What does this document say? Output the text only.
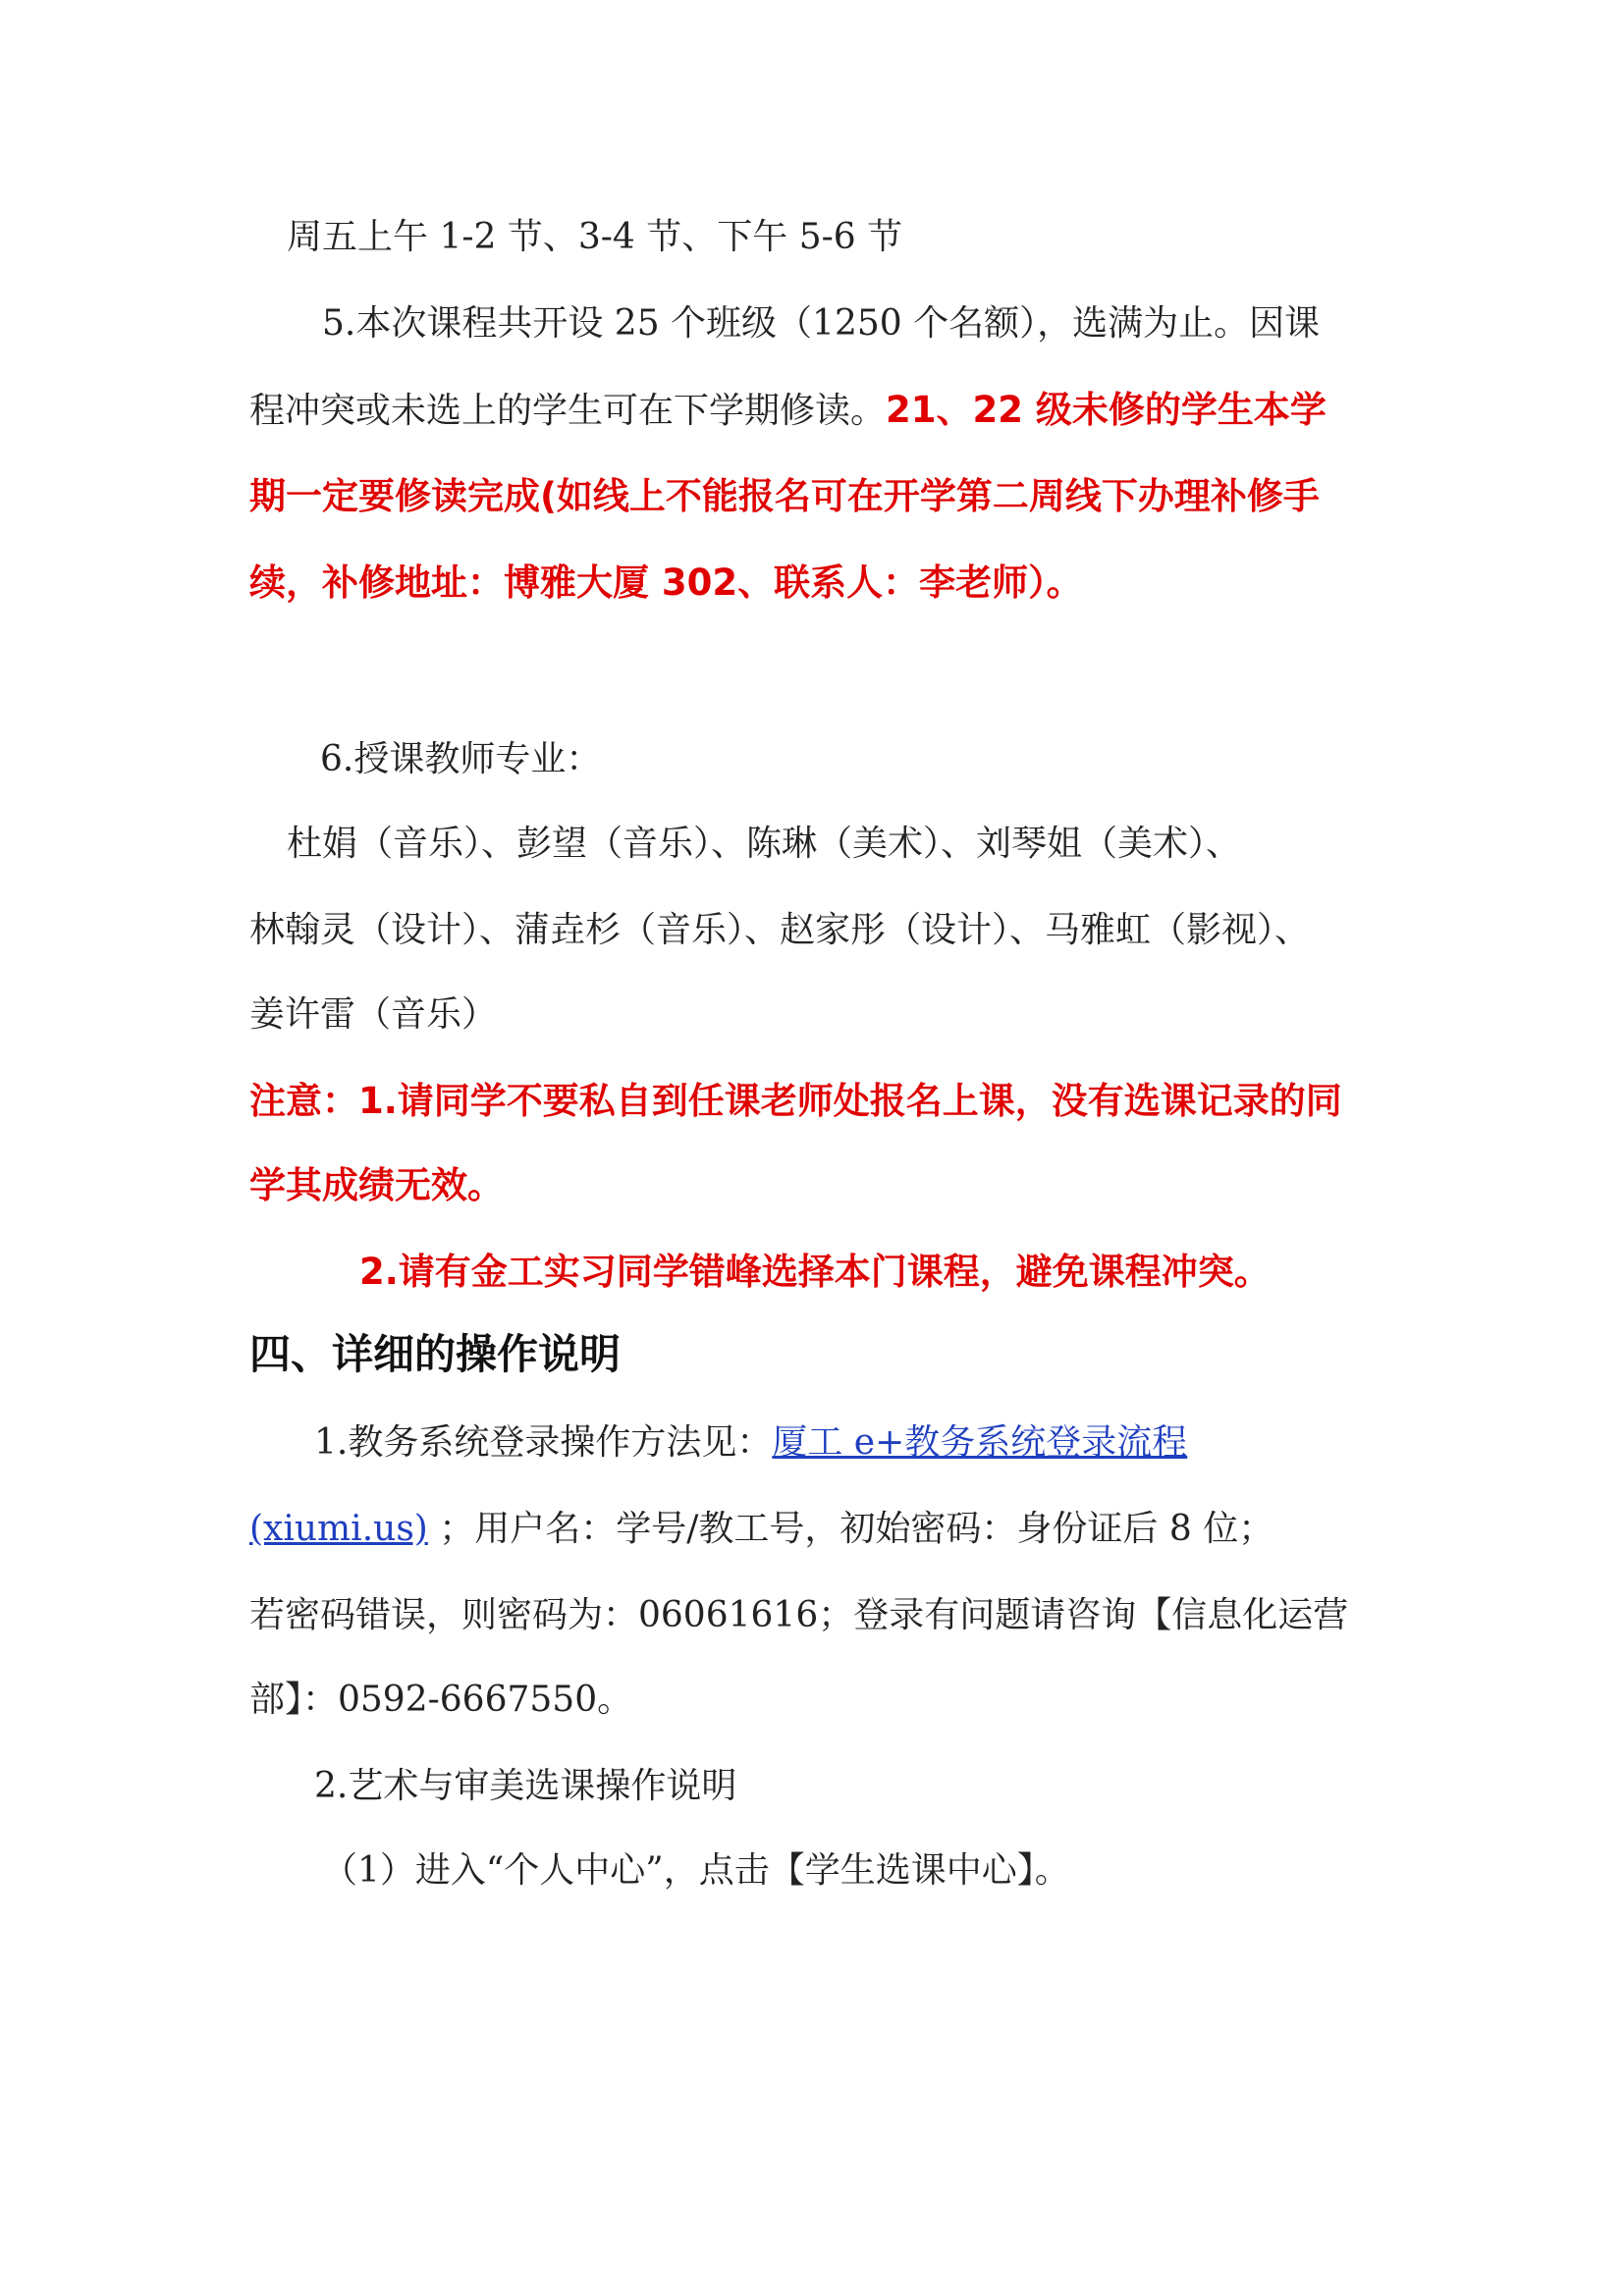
周五上午 1-2 节、3-4 节、下午 5-6 节
5.本次课程共开设 25 个班级（1250 个名额），选满为止。因课
程冲突或未选上的学生可在下学期修读。21、22 级未修的学生本学
期一定要修读完成(如线上不能报名可在开学第二周线下办理补修手
续，补修地址：博雅大厦 302、联系人：李老师）。
6.授课教师专业：
杜娟（音乐）、彭望（音乐）、陈琳（美术）、刘琴姐（美术）、
林翰灵（设计）、蒲垚杉（音乐）、赵家彤（设计）、马雅虹（影视）、
姜许雷（音乐）
注意：1.请同学不要私自到任课老师处报名上课，没有选课记录的同
学其成绩无效。
2.请有金工实习同学错峰选择本门课程，避免课程冲突。
四、详细的操作说明
1.教务系统登录操作方法见：厦工 e+教务系统登录流程
(xiumi.us) ；用户名：学号/教工号，初始密码：身份证后 8 位；
若密码错误，则密码为：06061616；登录有问题请咨询【信息化运营
部】：0592-6667550。
2.艺术与审美选课操作说明
（1）进入“个人中心”，点击【学生选课中心】。
